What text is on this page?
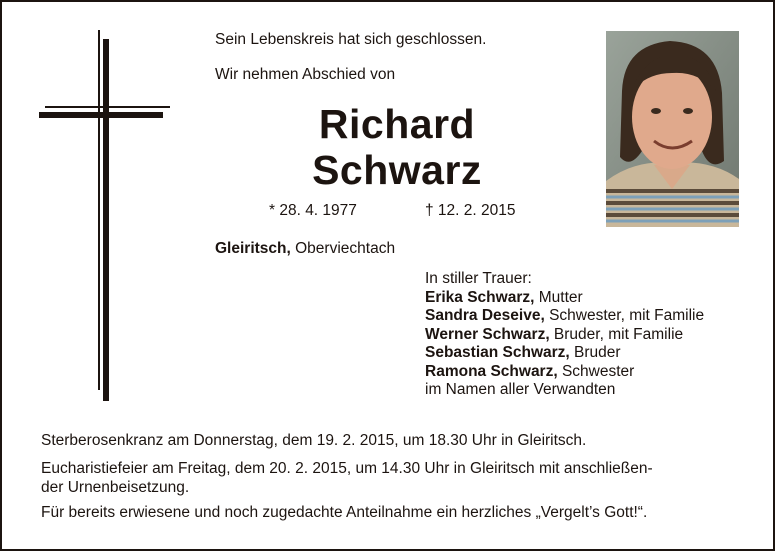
Sein Lebenskreis hat sich geschlossen.
Wir nehmen Abschied von
Richard
Schwarz
* 28. 4. 1977	† 12. 2. 2015
Gleiritsch, Oberviechtach
In stiller Trauer:
Erika Schwarz, Mutter
Sandra Deseive, Schwester, mit Familie
Werner Schwarz, Bruder, mit Familie
Sebastian Schwarz, Bruder
Ramona Schwarz, Schwester
im Namen aller Verwandten
Sterberosenkranz am Donnerstag, dem 19. 2. 2015, um 18.30 Uhr in Gleiritsch.
Eucharistiefeier am Freitag, dem 20. 2. 2015, um 14.30 Uhr in Gleiritsch mit anschließen-
der Urnenbeisetzung.
Für bereits erwiesene und noch zugedachte Anteilnahme ein herzliches „Vergelt’s Gott!“.
